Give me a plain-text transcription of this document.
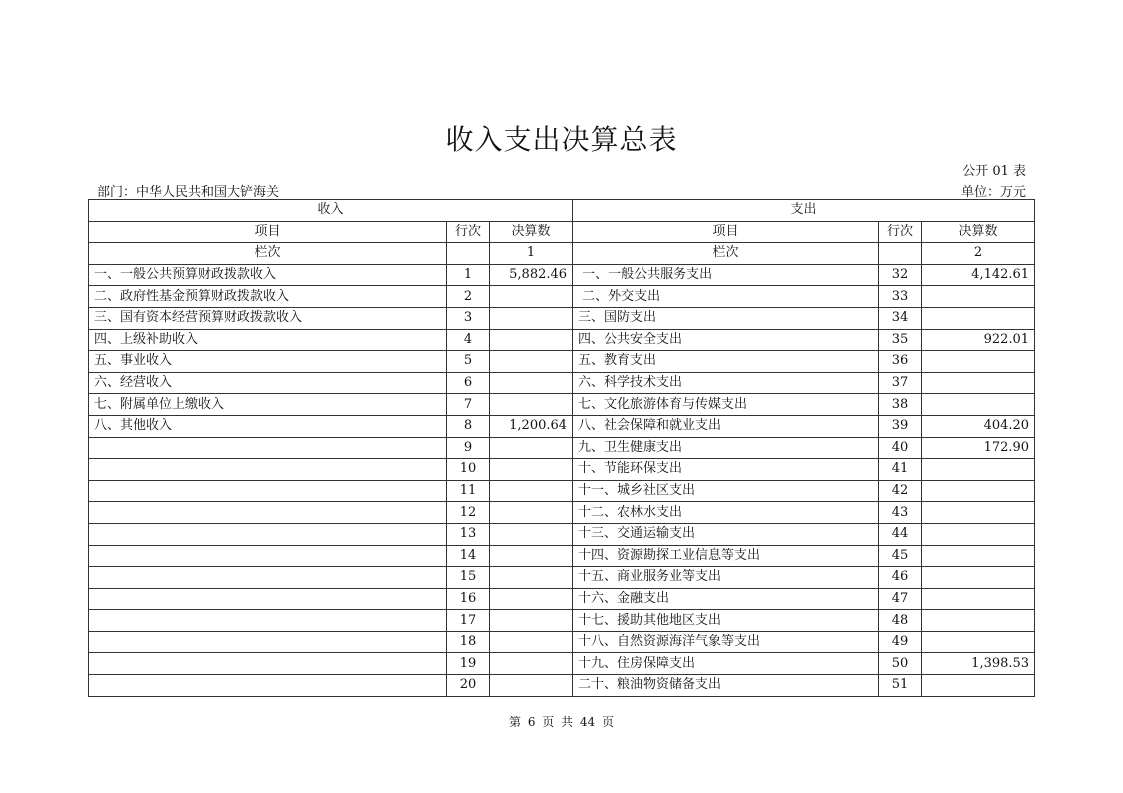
收入支出决算总表
公开 01 表
部门：中华人民共和国大铲海关	单位：万元
收入			支出		
项目	行次	决算数	项目	行次	决算数
栏次		1	栏次		2
一、一般公共预算财政拨款收入	1	5,882.46	一、一般公共服务支出	32	4,142.61
二、政府性基金预算财政拨款收入	2		二、外交支出	33	
三、国有资本经营预算财政拨款收入	3		三、国防支出	34	
四、上级补助收入	4		四、公共安全支出	35	922.01
五、事业收入	5		五、教育支出	36	
六、经营收入	6		六、科学技术支出	37	
七、附属单位上缴收入	7		七、文化旅游体育与传媒支出	38	
八、其他收入	8	1,200.64	八、社会保障和就业支出	39	404.20
	9		九、卫生健康支出	40	172.90
	10		十、节能环保支出	41	
	11		十一、城乡社区支出	42	
	12		十二、农林水支出	43	
	13		十三、交通运输支出	44	
	14		十四、资源勘探工业信息等支出	45	
	15		十五、商业服务业等支出	46	
	16		十六、金融支出	47	
	17		十七、援助其他地区支出	48	
	18		十八、自然资源海洋气象等支出	49	
	19		十九、住房保障支出	50	1,398.53
	20		二十、粮油物资储备支出	51	
第 6 页 共 44 页
